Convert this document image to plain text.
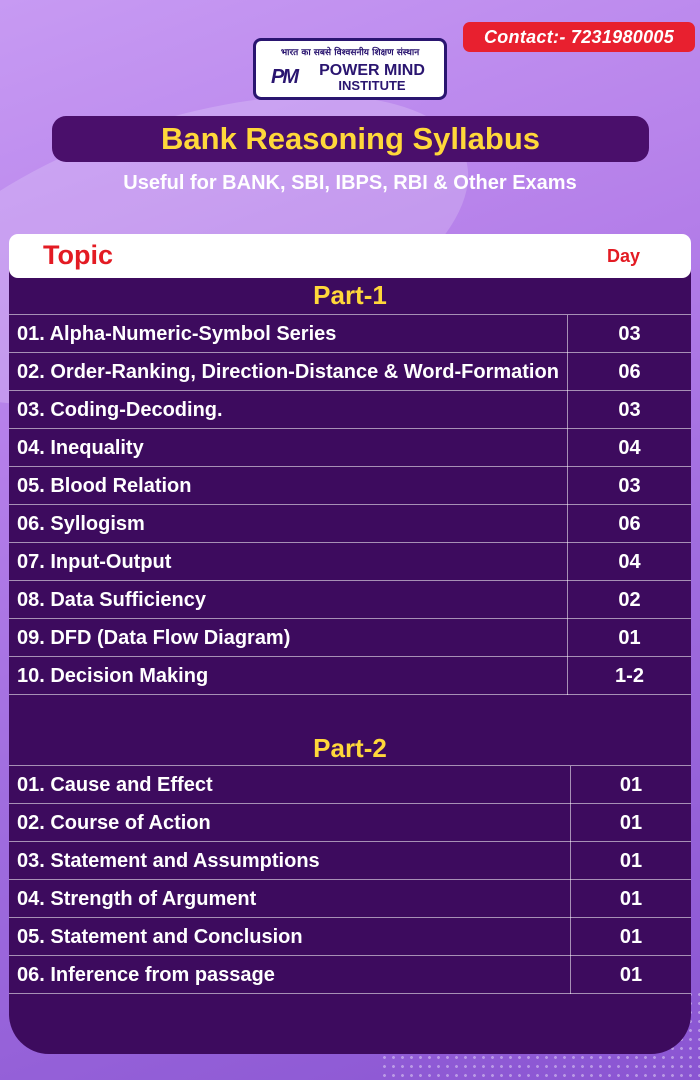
Contact:- 7231980005
भारत का सबसे विश्वसनीय शिक्षण संस्थान
PM	POWER MIND
INSTITUTE
Bank Reasoning Syllabus
Useful for BANK, SBI, IBPS, RBI & Other Exams
Topic	Day
Part-1
01. Alpha-Numeric-Symbol Series	03
02. Order-Ranking, Direction-Distance & Word-Formation	06
03. Coding-Decoding.	03
04. Inequality	04
05. Blood Relation	03
06. Syllogism	06
07. Input-Output	04
08. Data Sufficiency	02
09. DFD (Data Flow Diagram)	01
10. Decision Making	1-2
Part-2
01. Cause and Effect	01
02. Course of Action	01
03. Statement and Assumptions	01
04. Strength of Argument	01
05. Statement and Conclusion	01
06. Inference from passage	01
